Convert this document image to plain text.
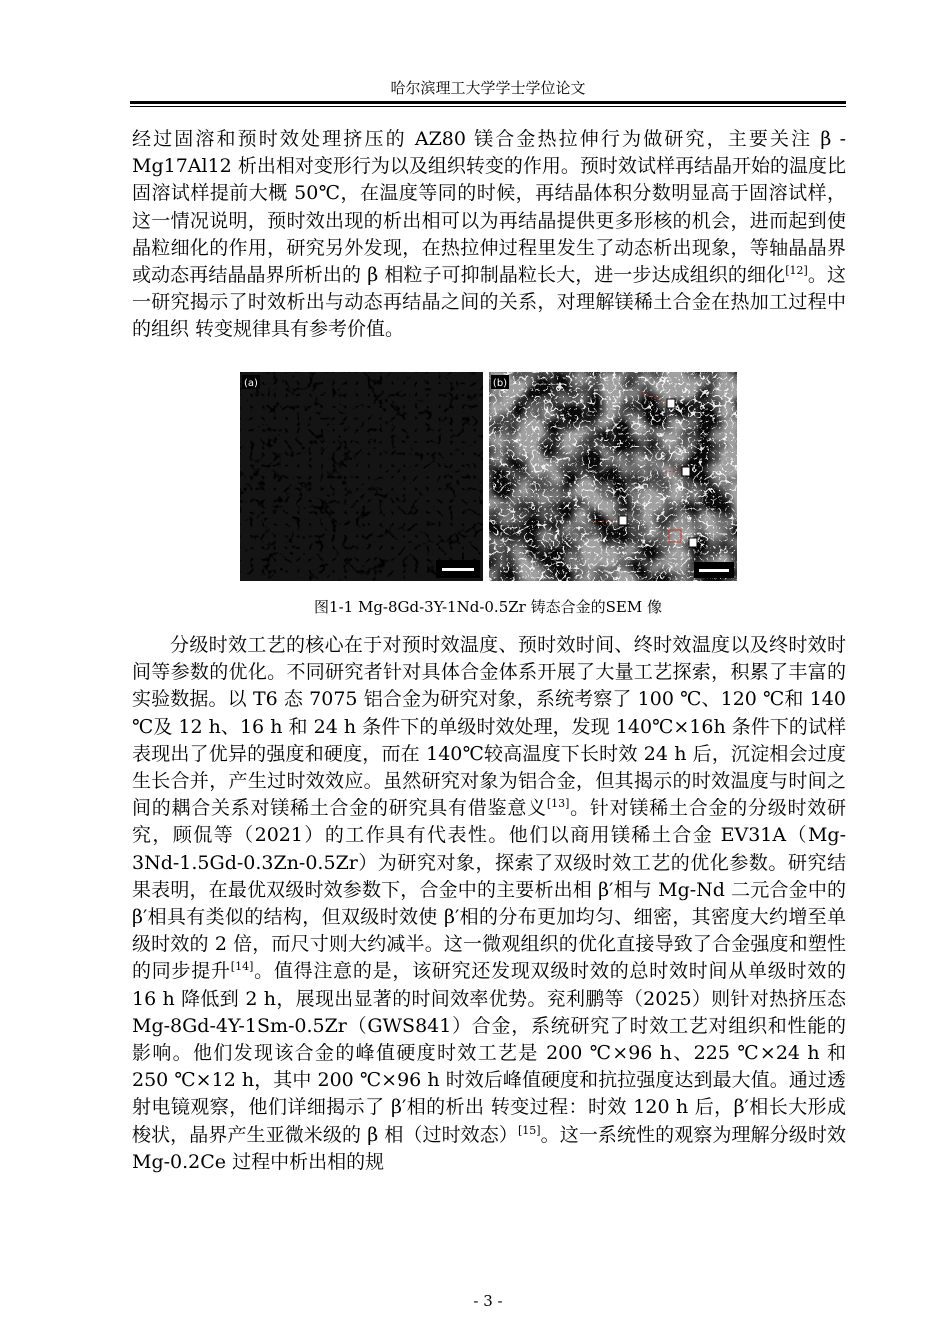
哈尔滨理工大学学士学位论文

经过固溶和预时效处理挤压的 AZ80 镁合金热拉伸行为做研究，主要关注 β - Mg17Al12 析出相对变形行为以及组织转变的作用。预时效试样再结晶开始的温度比固溶试样提前大概 50℃，在温度等同的时候，再结晶体积分数明显高于固溶试样，这一情况说明，预时效出现的析出相可以为再结晶提供更多形核的机会，进而起到使晶粒细化的作用，研究另外发现，在热拉伸过程里发生了动态析出现象，等轴晶晶界或动态再结晶晶界所析出的 β 相粒子可抑制晶粒长大，进一步达成组织的细化[12]。这一研究揭示了时效析出与动态再结晶之间的关系，对理解镁稀土合金在热加工过程中的组织 转变规律具有参考价值。

(a)	(b)
图1-1 Mg-8Gd-3Y-1Nd-0.5Zr 铸态合金的SEM 像

分级时效工艺的核心在于对预时效温度、预时效时间、终时效温度以及终时效时间等参数的优化。不同研究者针对具体合金体系开展了大量工艺探索，积累了丰富的实验数据。以 T6 态 7075 铝合金为研究对象，系统考察了 100 ℃、120 ℃和 140 ℃及 12 h、16 h 和 24 h 条件下的单级时效处理，发现 140℃×16h 条件下的试样表现出了优异的强度和硬度，而在 140℃较高温度下长时效 24 h 后，沉淀相会过度生长合并，产生过时效效应。虽然研究对象为铝合金，但其揭示的时效温度与时间之间的耦合关系对镁稀土合金的研究具有借鉴意义[13]。针对镁稀土合金的分级时效研究，顾侃等（2021）的工作具有代表性。他们以商用镁稀土合金 EV31A（Mg-3Nd-1.5Gd-0.3Zn-0.5Zr）为研究对象，探索了双级时效工艺的优化参数。研究结果表明，在最优双级时效参数下，合金中的主要析出相 β′相与 Mg-Nd 二元合金中的 β′相具有类似的结构，但双级时效使 β′相的分布更加均匀、细密，其密度大约增至单级时效的 2 倍，而尺寸则大约减半。这一微观组织的优化直接导致了合金强度和塑性的同步提升[14]。值得注意的是，该研究还发现双级时效的总时效时间从单级时效的 16 h 降低到 2 h，展现出显著的时间效率优势。兖利鹏等（2025）则针对热挤压态 Mg-8Gd-4Y-1Sm-0.5Zr（GWS841）合金，系统研究了时效工艺对组织和性能的影响。他们发现该合金的峰值硬度时效工艺是 200 ℃×96 h、225 ℃×24 h 和 250 ℃×12 h，其中 200 ℃×96 h 时效后峰值硬度和抗拉强度达到最大值。通过透射电镜观察，他们详细揭示了 β′相的析出 转变过程：时效 120 h 后，β′相长大形成梭状，晶界产生亚微米级的 β 相（过时效态）[15]。这一系统性的观察为理解分级时效 Mg-0.2Ce 过程中析出相的规

- 3 -
